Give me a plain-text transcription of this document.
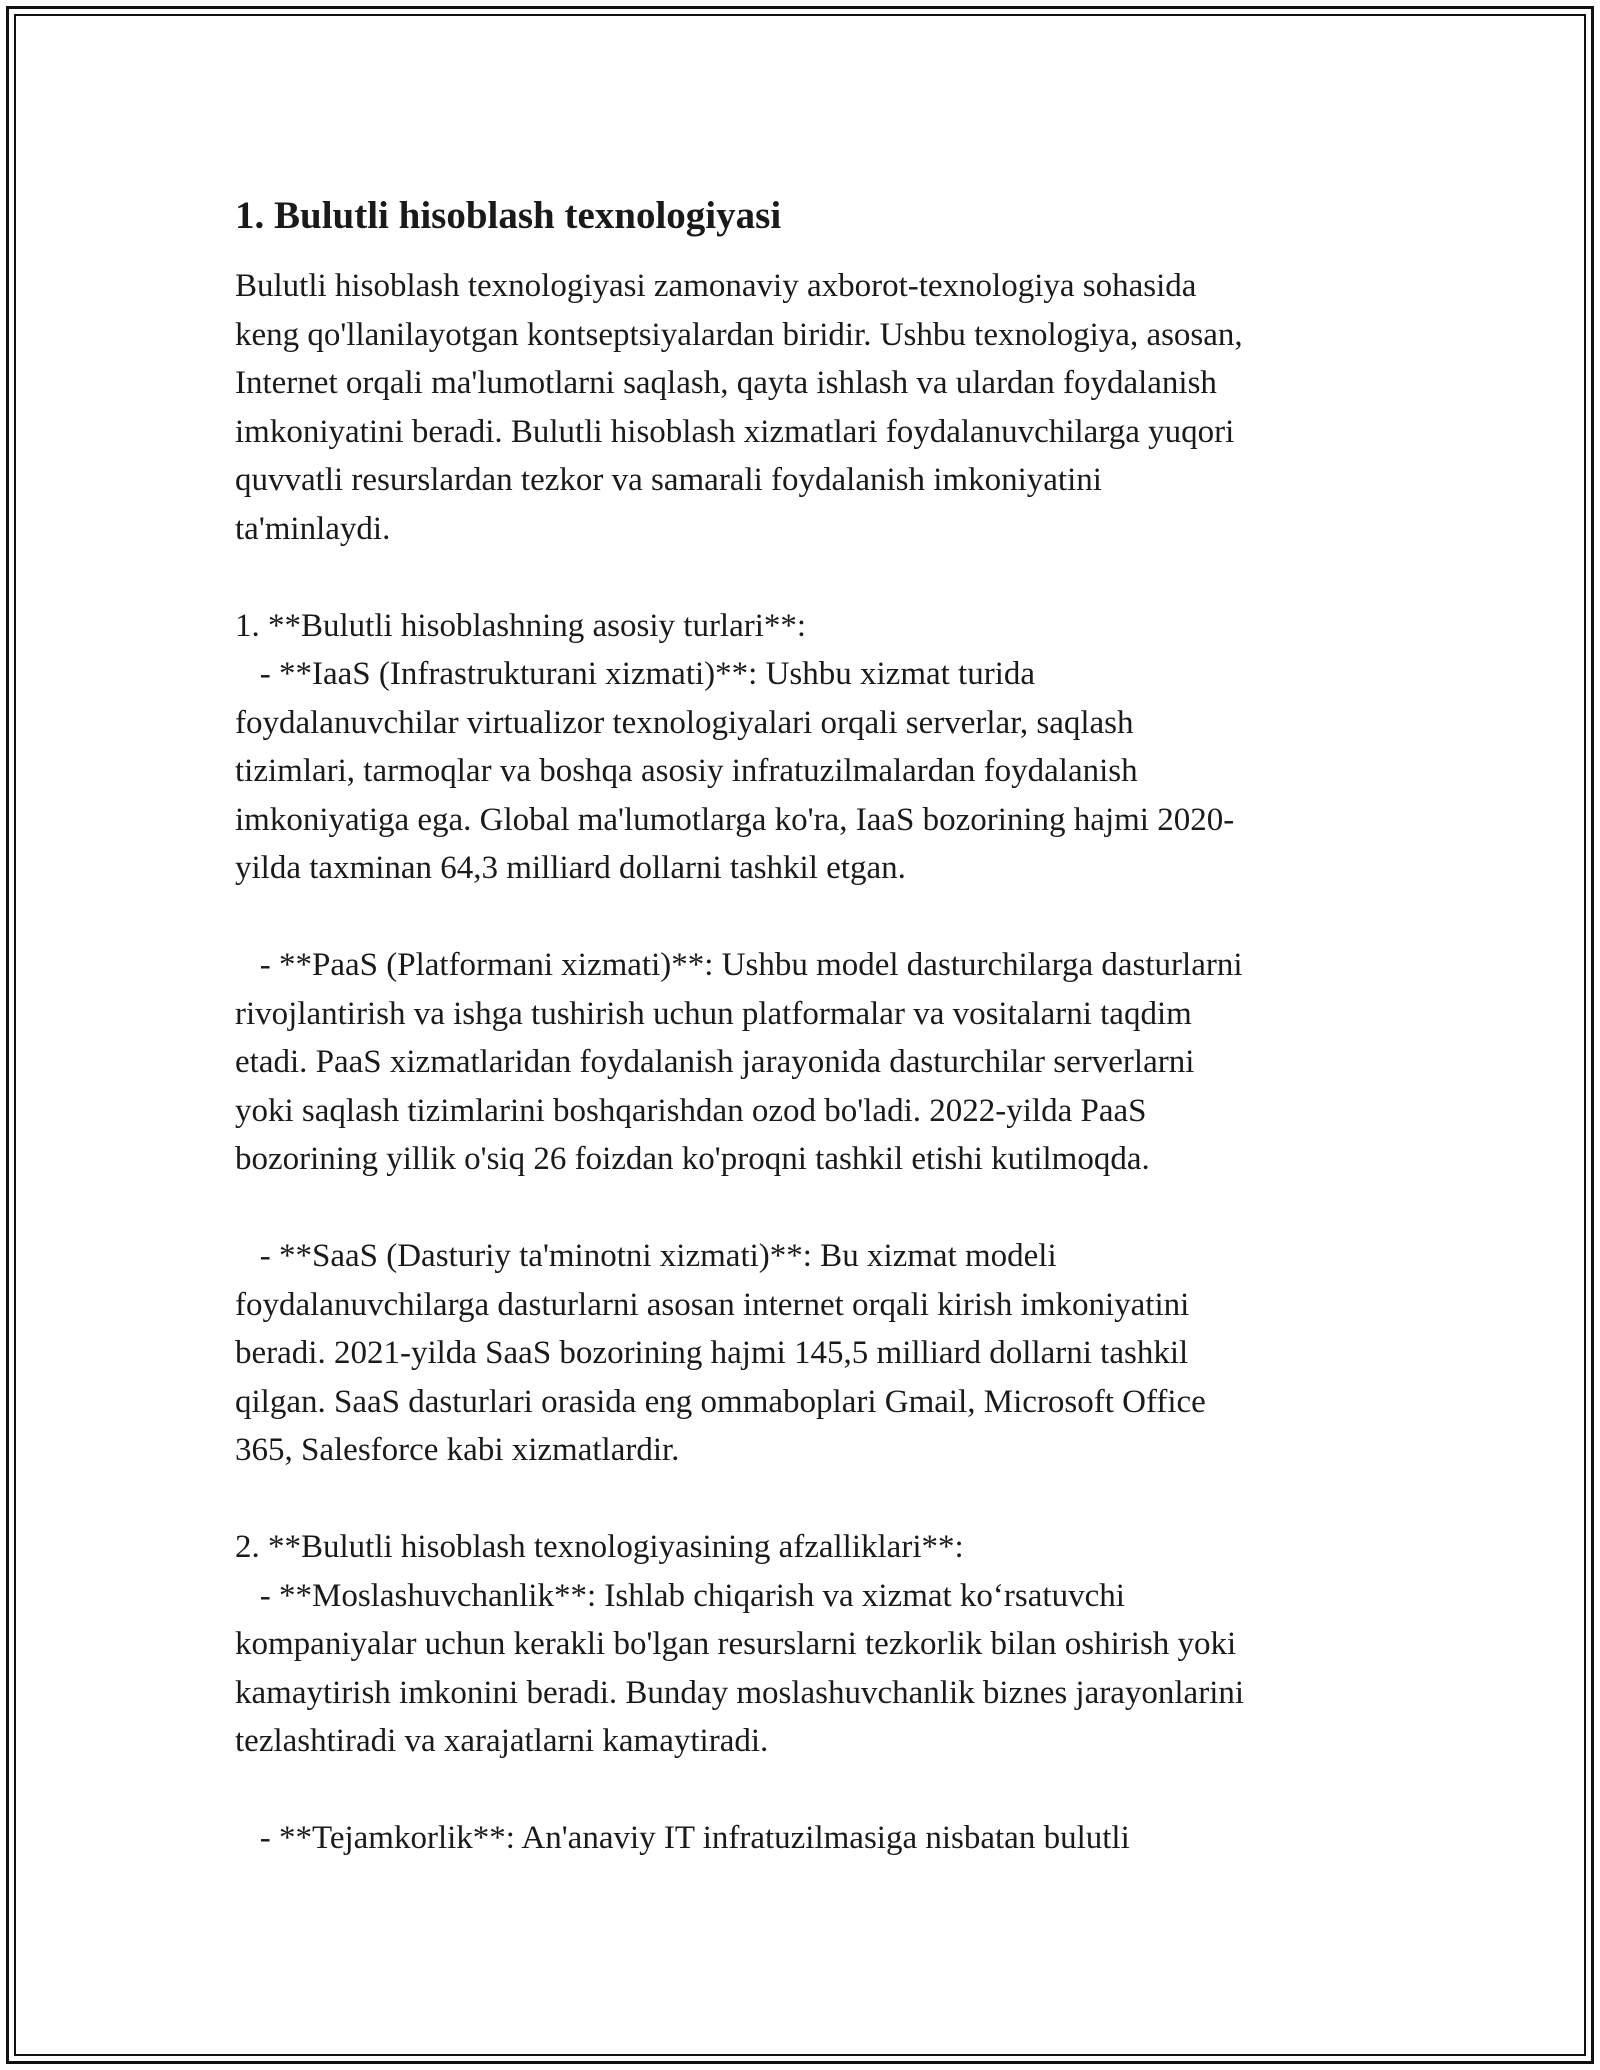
1. Bulutli hisoblash texnologiyasi
Bulutli hisoblash texnologiyasi zamonaviy axborot-texnologiya sohasida
keng qo'llanilayotgan kontseptsiyalardan biridir. Ushbu texnologiya, asosan,
Internet orqali ma'lumotlarni saqlash, qayta ishlash va ulardan foydalanish
imkoniyatini beradi. Bulutli hisoblash xizmatlari foydalanuvchilarga yuqori
quvvatli resurslardan tezkor va samarali foydalanish imkoniyatini
ta'minlaydi.

1. **Bulutli hisoblashning asosiy turlari**:
- **IaaS (Infrastrukturani xizmati)**: Ushbu xizmat turida
foydalanuvchilar virtualizor texnologiyalari orqali serverlar, saqlash
tizimlari, tarmoqlar va boshqa asosiy infratuzilmalardan foydalanish
imkoniyatiga ega. Global ma'lumotlarga ko'ra, IaaS bozorining hajmi 2020-
yilda taxminan 64,3 milliard dollarni tashkil etgan.

- **PaaS (Platformani xizmati)**: Ushbu model dasturchilarga dasturlarni
rivojlantirish va ishga tushirish uchun platformalar va vositalarni taqdim
etadi. PaaS xizmatlaridan foydalanish jarayonida dasturchilar serverlarni
yoki saqlash tizimlarini boshqarishdan ozod bo'ladi. 2022-yilda PaaS
bozorining yillik o'siq 26 foizdan ko'proqni tashkil etishi kutilmoqda.

- **SaaS (Dasturiy ta'minotni xizmati)**: Bu xizmat modeli
foydalanuvchilarga dasturlarni asosan internet orqali kirish imkoniyatini
beradi. 2021-yilda SaaS bozorining hajmi 145,5 milliard dollarni tashkil
qilgan. SaaS dasturlari orasida eng ommaboplari Gmail, Microsoft Office
365, Salesforce kabi xizmatlardir.

2. **Bulutli hisoblash texnologiyasining afzalliklari**:
- **Moslashuvchanlik**: Ishlab chiqarish va xizmat ko‘rsatuvchi
kompaniyalar uchun kerakli bo'lgan resurslarni tezkorlik bilan oshirish yoki
kamaytirish imkonini beradi. Bunday moslashuvchanlik biznes jarayonlarini
tezlashtiradi va xarajatlarni kamaytiradi.

- **Tejamkorlik**: An'anaviy IT infratuzilmasiga nisbatan bulutli
